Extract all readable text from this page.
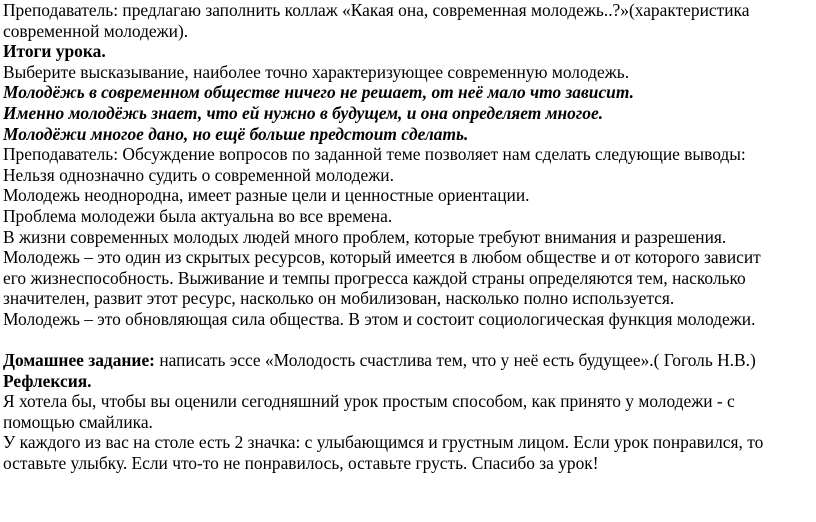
Преподаватель: предлагаю заполнить коллаж «Какая она, современная молодежь..?»(характеристика
современной молодежи).
Итоги урока.
Выберите высказывание, наиболее точно характеризующее современную молодежь.
Молодёжь в современном обществе ничего не решает, от неё мало что зависит.
Именно молодёжь знает, что ей нужно в будущем, и она определяет многое.
Молодёжи многое дано, но ещё больше предстоит сделать.
Преподаватель: Обсуждение вопросов по заданной теме позволяет нам сделать следующие выводы:
Нельзя однозначно судить о современной молодежи.
Молодежь неоднородна, имеет разные цели и ценностные ориентации.
Проблема молодежи была актуальна во все времена.
В жизни современных молодых людей много проблем, которые требуют внимания и разрешения.
Молодежь – это один из скрытых ресурсов, который имеется в любом обществе и от которого зависит
его жизнеспособность. Выживание и темпы прогресса каждой страны определяются тем, насколько
значителен, развит этот ресурс, насколько он мобилизован, насколько полно используется.
Молодежь – это обновляющая сила общества. В этом и состоит социологическая функция молодежи.
Домашнее задание: написать эссе «Молодость счастлива тем, что у неё есть будущее».( Гоголь Н.В.)
Рефлексия.
Я хотела бы, чтобы вы оценили сегодняшний урок простым способом, как принято у молодежи - с
помощью смайлика.
У каждого из вас на столе есть 2 значка: с улыбающимся и грустным лицом. Если урок понравился, то
оставьте улыбку. Если что-то не понравилось, оставьте грусть. Спасибо за урок!
